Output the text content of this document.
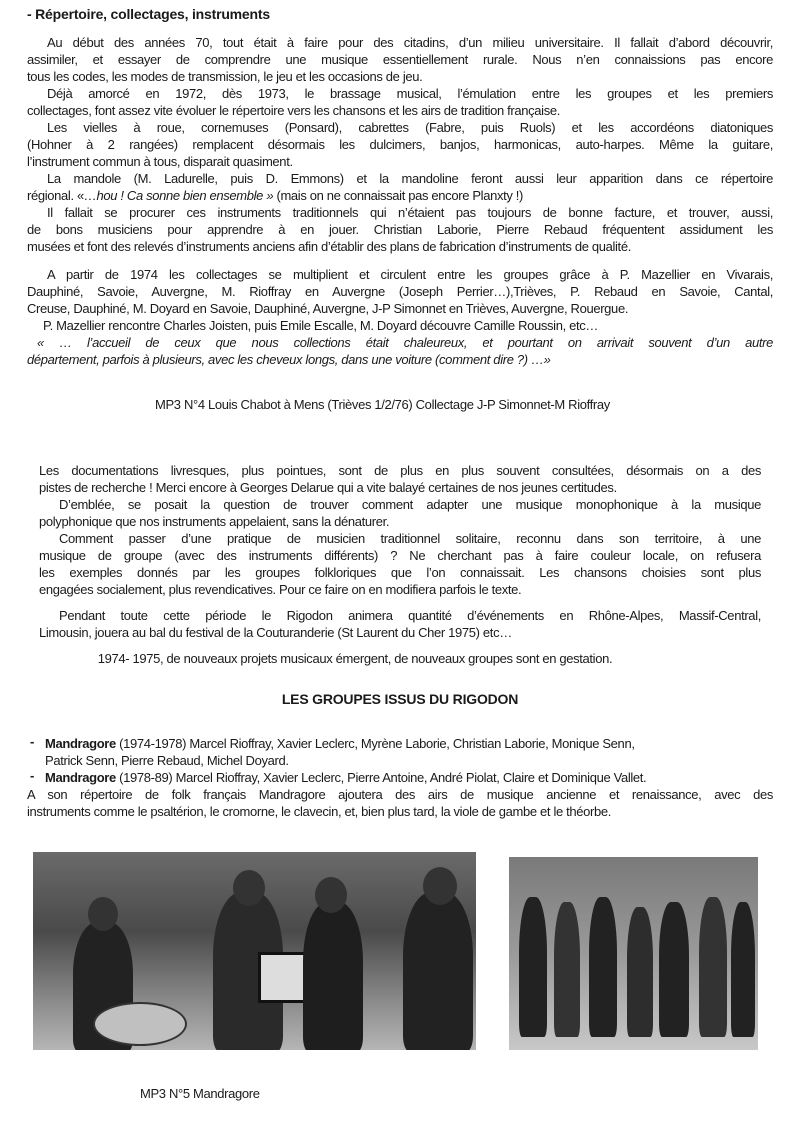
- Répertoire, collectages, instruments
Au début des années 70, tout était à faire pour des citadins, d’un milieu universitaire. Il fallait d’abord découvrir,
assimiler, et essayer de comprendre une musique essentiellement rurale. Nous n’en connaissions pas encore
tous les codes, les modes de transmission, le jeu et les occasions de jeu.
Déjà amorcé en 1972, dès 1973, le brassage musical, l’émulation entre les groupes et les premiers
collectages, font assez vite évoluer le répertoire vers les chansons et les airs de tradition française.
Les vielles à roue, cornemuses (Ponsard), cabrettes (Fabre, puis Ruols) et les accordéons diatoniques
(Hohner à 2 rangées) remplacent désormais les dulcimers, banjos, harmonicas, auto-harpes. Même la guitare,
l’instrument commun à tous, disparait quasiment.
La mandole (M. Ladurelle, puis D. Emmons) et la mandoline feront aussi leur apparition dans ce répertoire
régional. «…hou ! Ca sonne bien ensemble » (mais on ne connaissait pas encore Planxty !)
Il fallait se procurer ces instruments traditionnels qui n’étaient pas toujours de bonne facture, et trouver, aussi,
de bons musiciens pour apprendre à en jouer. Christian Laborie, Pierre Rebaud fréquentent assidument les
musées et font des relevés d’instruments anciens afin d’établir des plans de fabrication d’instruments de qualité.
A partir de 1974 les collectages se multiplient et circulent entre les groupes grâce à P. Mazellier en Vivarais,
Dauphiné, Savoie, Auvergne, M. Rioffray en Auvergne (Joseph Perrier…),Trièves, P. Rebaud en Savoie, Cantal,
Creuse, Dauphiné, M. Doyard en Savoie, Dauphiné, Auvergne, J-P Simonnet en Trièves, Auvergne, Rouergue.
P. Mazellier rencontre Charles Joisten, puis Emile Escalle, M. Doyard découvre Camille Roussin, etc…
« … l’accueil de ceux que nous collections était chaleureux, et pourtant on arrivait souvent d’un autre
département, parfois à plusieurs, avec les cheveux longs, dans une voiture (comment dire ?) …»
MP3 N°4 Louis Chabot à Mens (Trièves 1/2/76) Collectage J-P Simonnet-M Rioffray
Les documentations livresques, plus pointues, sont de plus en plus souvent consultées, désormais on a des
pistes de recherche ! Merci encore à Georges Delarue qui a vite balayé certaines de nos jeunes certitudes.
D’emblée, se posait la question de trouver comment adapter une musique monophonique à la musique
polyphonique que nos instruments appelaient, sans la dénaturer.
Comment passer d’une pratique de musicien traditionnel solitaire, reconnu dans son territoire, à une
musique de groupe (avec des instruments différents) ? Ne cherchant pas à faire couleur locale, on refusera
les exemples donnés par les groupes folkloriques que l’on connaissait. Les chansons choisies sont plus
engagées socialement, plus revendicatives. Pour ce faire on en modifiera parfois le texte.
Pendant toute cette période le Rigodon animera quantité d’événements en Rhône-Alpes, Massif-Central,
Limousin, jouera au bal du festival de la Couturanderie (St Laurent du Cher 1975) etc…
1974- 1975, de nouveaux projets musicaux émergent, de nouveaux groupes sont en gestation.
LES GROUPES ISSUS DU RIGODON
- Mandragore (1974-1978) Marcel Rioffray, Xavier Leclerc, Myrène Laborie, Christian Laborie, Monique Senn,
Patrick Senn, Pierre Rebaud, Michel Doyard.
- Mandragore (1978-89) Marcel Rioffray, Xavier Leclerc, Pierre Antoine, André Piolat, Claire et Dominique Vallet.
A son répertoire de folk français Mandragore ajoutera des airs de musique ancienne et renaissance, avec des
instruments comme le psaltérion, le cromorne, le clavecin, et, bien plus tard, la viole de gambe et le théorbe.
MP3 N°5 Mandragore
